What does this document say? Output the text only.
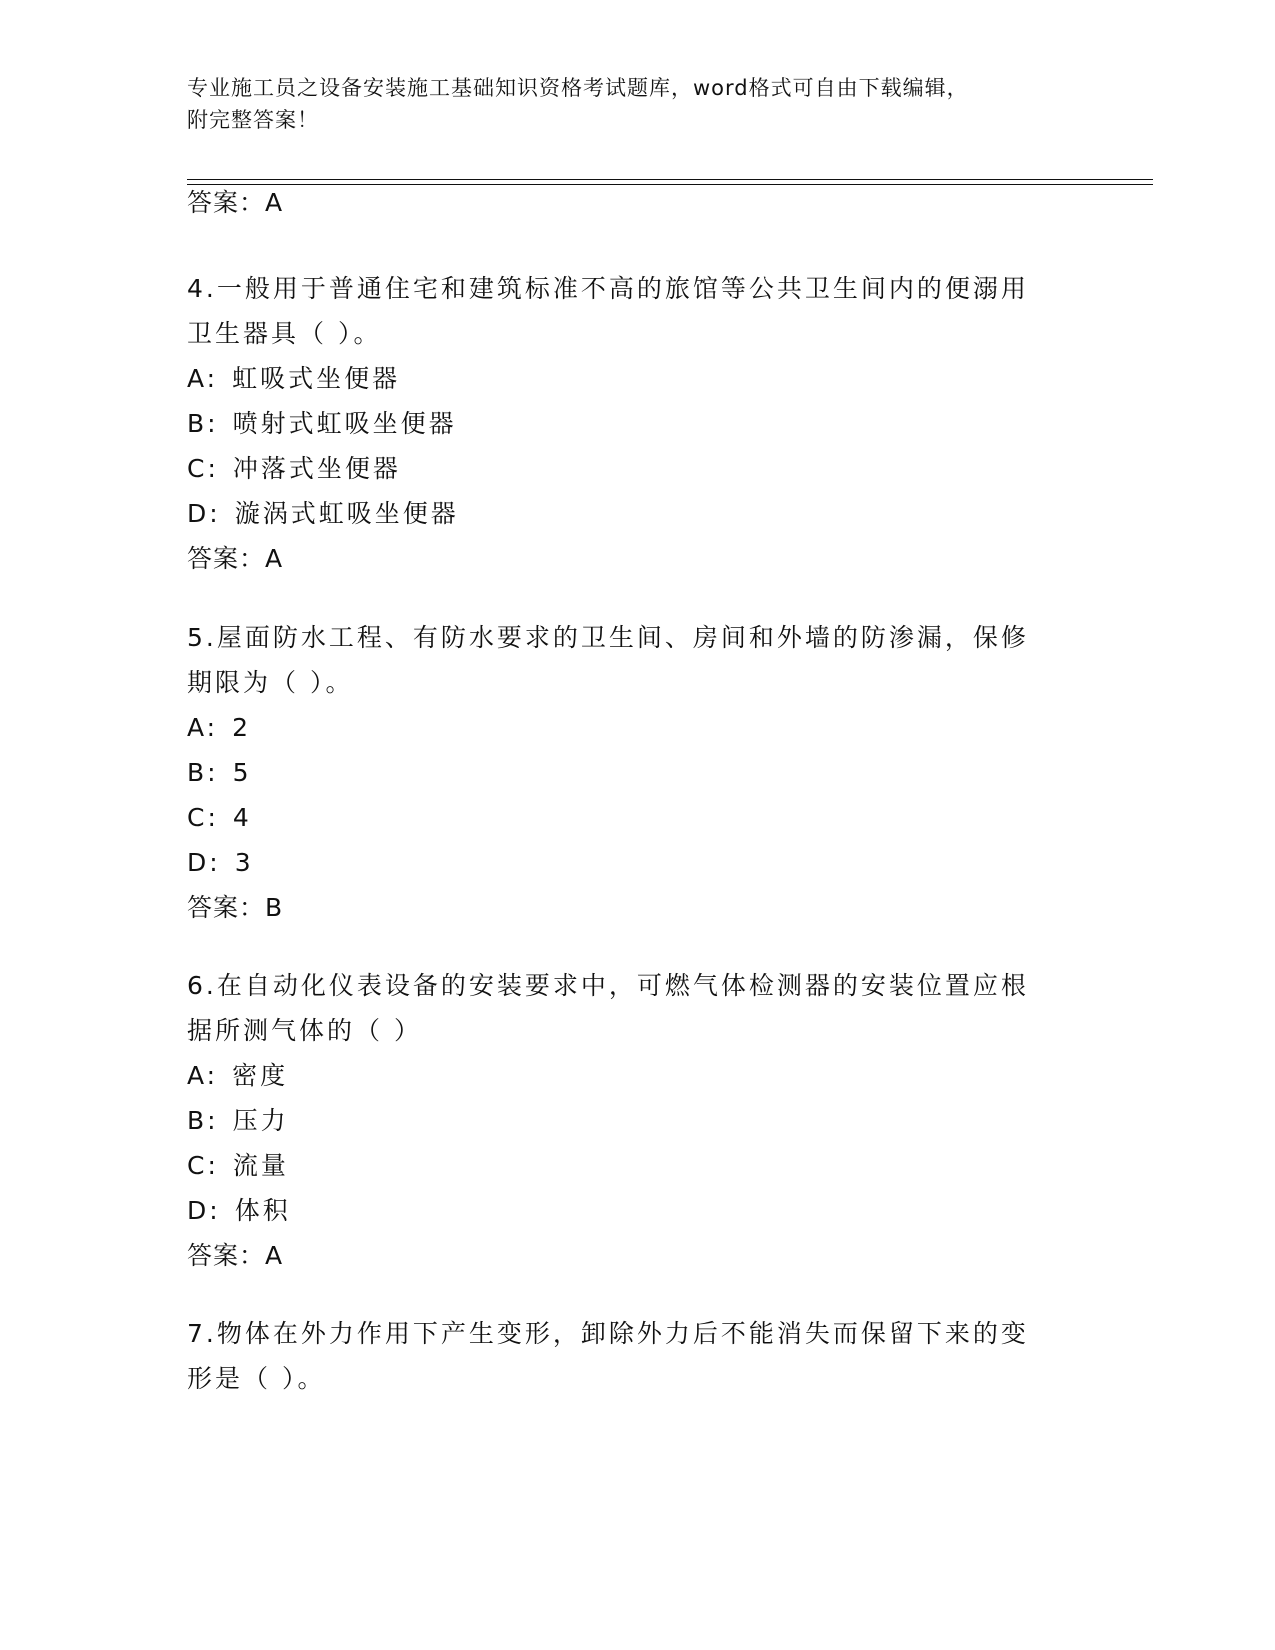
专业施工员之设备安装施工基础知识资格考试题库，word格式可自由下载编辑，
附完整答案！
答案：A
4.一般用于普通住宅和建筑标准不高的旅馆等公共卫生间内的便溺用
卫生器具（ ）。
A: 虹吸式坐便器
B: 喷射式虹吸坐便器
C: 冲落式坐便器
D: 漩涡式虹吸坐便器
答案：A
5.屋面防水工程、有防水要求的卫生间、房间和外墙的防渗漏，保修
期限为（ ）。
A: 2
B: 5
C: 4
D: 3
答案：B
6.在自动化仪表设备的安装要求中，可燃气体检测器的安装位置应根
据所测气体的（ ）
A: 密度
B: 压力
C: 流量
D: 体积
答案：A
7.物体在外力作用下产生变形，卸除外力后不能消失而保留下来的变
形是（ ）。
